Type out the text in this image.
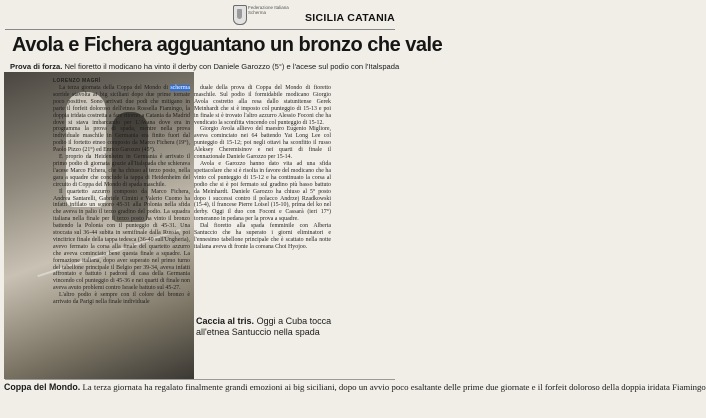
Federazione Italiana Scherma	SICILIA CATANIA
Avola e Fichera agguantano un bronzo che vale
Prova di forza. Nel fioretto il modicano ha vinto il derby con Daniele Garozzo (5°) e l'acese sul podio con l'Italspada
LORENZO MAGRÌ

La terza giornata della Coppa del Mondo di scherma sorride stavolta ai big siciliani dopo due prime tornate poco positive. Sono arrivati due podi che mitigano in parte il forfeit doloroso dell'etnea Rossella Fiamingo, la doppia iridata costretta a fare ritorno a Catania da Madrid dove si stava imbarcando per L'Avana dove era in programma la prova di spada, mentre nella prova individuale maschile in Germania era finito fuori dal podio il fortetto etneo composto da Marco Fichera (19°), Paolo Pizzo (21°) ed Enrico Garozzo (45°).

E proprio da Heidenheim in Germania è arrivato il primo podio di giornata grazie all'Italspada che schierava l'acese Marco Fichera, che ha chiuso al terzo posto, nella gara a squadre che conclude la tappa di Heidenheim del circuito di Coppa del Mondo di spada maschile.

Il quartetto azzurro composto da Marco Fichera, Andrea Santarelli, Gabriele Cimini e Valerio Cuomo ha infatti infilato un sonoro 45-31 alla Polonia nella sfida che aveva in palio il terzo gradino del podio. La squadra italiana nella finale per il terzo posto ha vinto il bronzo battendo la Polonia con il punteggio di 45-31. Una stoccata sul 36-44 subita in semifinale dalla Russia, poi vincitrice finale della tappa tedesca (36-40 sull'Ungheria), avevo fermato la corsa alla finale del quartetto azzurro che aveva cominciato bene questa finale a squadre. La formazione italiana, dopo aver superato nel primo turno del tabellone principale il Belgio per 39-34, aveva infatti affrontato e battuto i padroni di casa della Germania vincendo col punteggio di 45-36 e nei quarti di finale non aveva avuto problemi contro Israele battuto sul 45-27.

L'altro podio è sempre con il colore del bronzo è arrivato da Parigi nella finale individuale

duale della prova di Coppa del Mondo di fioretto maschile. Sul podio il formidabile modicano Giorgio Avola costretto alla resa dallo statunitense Gerek Meinhardt che si è imposto col punteggio di 15-13 e poi in finale si è trovato l'altro azzurro Alessio Foconi che ha vendicato la sconfitta vincendo col punteggio di 15-12.

Giorgio Avola allievo del maestro Eugenio Migliore, aveva cominciato nei 64 battendo Yat Long Lee col punteggio di 15-12; poi negli ottavi ha sconfitto il russo Aleksey Cheremisinov e nei quarti di finale il connazionale Daniele Garozzo per 15-14.

Avola e Garozzo hanno dato vita ad una sfida spettacolare che si è risolta in favore del modicano che ha vinto col punteggio di 15-12 e ha continuato la corsa al podio che si è poi fermato sul gradino più basso battuto da Meinhardt. Daniele Garozzo ha chiuso al 5° posto dopo i successi contro il polacco Andrzej Rzadkowski (15-4), il francese Pierre Loisel (15-10), prima del ko nel derby. Oggi il duo con Foconi e Cassarà (ieri 17°) torneranno in pedana per la prova a squadre.

Dal fioretto alla spada femminile con Alberta Santuccio che ha superato i giorni eliminatori e l'ennesimo tabellone principale che è scattato nella notte italiana aveva di fronte la coreana Choi Hyojoo.

Caccia al tris. Oggi a Cuba tocca all'etnea Santuccio nella spada
Coppa del Mondo. La terza giornata ha regalato finalmente grandi emozioni ai big siciliani, dopo un avvio poco esaltante delle prime due giornate e il forfeit doloroso della doppia iridata Fiamingo
